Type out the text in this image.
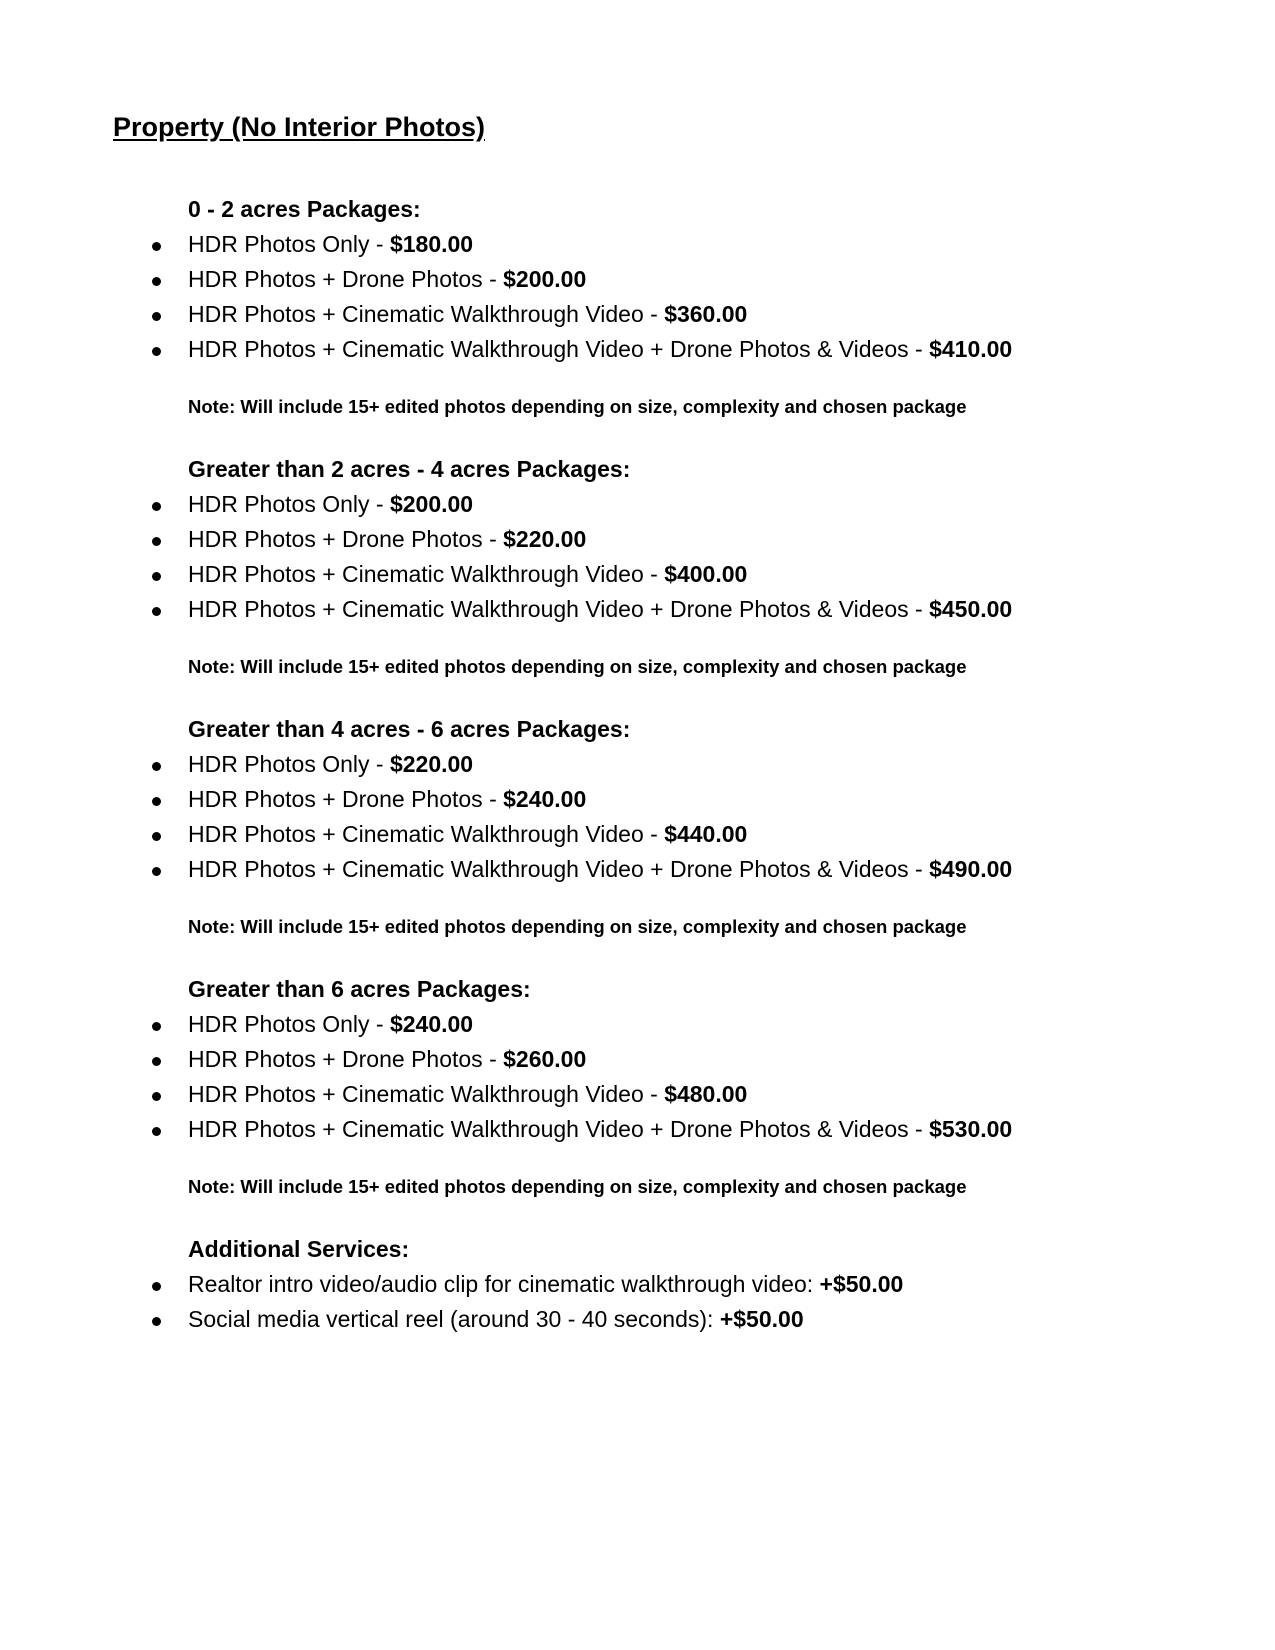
Property (No Interior Photos)
0 - 2 acres Packages:
HDR Photos Only - $180.00
HDR Photos + Drone Photos - $200.00
HDR Photos + Cinematic Walkthrough Video - $360.00
HDR Photos + Cinematic Walkthrough Video + Drone Photos & Videos - $410.00
Note: Will include 15+ edited photos depending on size, complexity and chosen package
Greater than 2 acres - 4 acres Packages:
HDR Photos Only - $200.00
HDR Photos + Drone Photos - $220.00
HDR Photos + Cinematic Walkthrough Video - $400.00
HDR Photos + Cinematic Walkthrough Video + Drone Photos & Videos - $450.00
Note: Will include 15+ edited photos depending on size, complexity and chosen package
Greater than 4 acres - 6 acres Packages:
HDR Photos Only - $220.00
HDR Photos + Drone Photos - $240.00
HDR Photos + Cinematic Walkthrough Video - $440.00
HDR Photos + Cinematic Walkthrough Video + Drone Photos & Videos - $490.00
Note: Will include 15+ edited photos depending on size, complexity and chosen package
Greater than 6 acres Packages:
HDR Photos Only - $240.00
HDR Photos + Drone Photos - $260.00
HDR Photos + Cinematic Walkthrough Video - $480.00
HDR Photos + Cinematic Walkthrough Video + Drone Photos & Videos - $530.00
Note: Will include 15+ edited photos depending on size, complexity and chosen package
Additional Services:
Realtor intro video/audio clip for cinematic walkthrough video: +$50.00
Social media vertical reel (around 30 - 40 seconds): +$50.00
